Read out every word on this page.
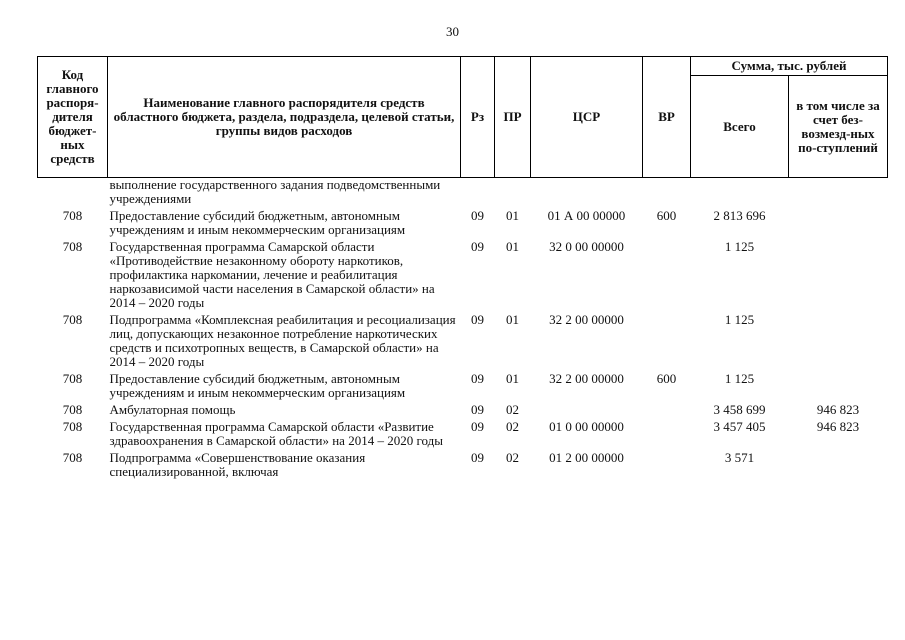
30
Код главного распоря-дителя бюджет-ных средств	Наименование главного распорядителя средств областного бюджета, раздела, подраздела, целевой статьи, группы видов расходов	Рз	ПР	ЦСР	ВР	Сумма, тыс. рублей	
						Всего	в том числе за счет без-возмезд-ных по-ступлений
	выполнение государственного задания подведомственными учреждениями						
708	Предоставление субсидий бюджетным, автономным учреждениям и иным некоммерческим организациям	09	01	01 А 00 00000	600	2 813 696	
708	Государственная программа Самарской области «Противодействие незаконному обороту наркотиков, профилактика наркомании, лечение и реабилитация наркозависимой части населения в Самарской области» на 2014 – 2020 годы	09	01	32 0 00 00000		1 125	
708	Подпрограмма «Комплексная реабилитация и ресоциализация лиц, допускающих незаконное потребление наркотических средств и психотропных веществ, в Самарской области» на 2014 – 2020 годы	09	01	32 2 00 00000		1 125	
708	Предоставление субсидий бюджетным, автономным учреждениям и иным некоммерческим организациям	09	01	32 2 00 00000	600	1 125	
708	Амбулаторная помощь	09	02			3 458 699	946 823
708	Государственная программа Самарской области «Развитие здравоохранения в Самарской области» на 2014 – 2020 годы	09	02	01 0 00 00000		3 457 405	946 823
708	Подпрограмма «Совершенствование оказания специализированной, включая	09	02	01 2 00 00000		3 571	
